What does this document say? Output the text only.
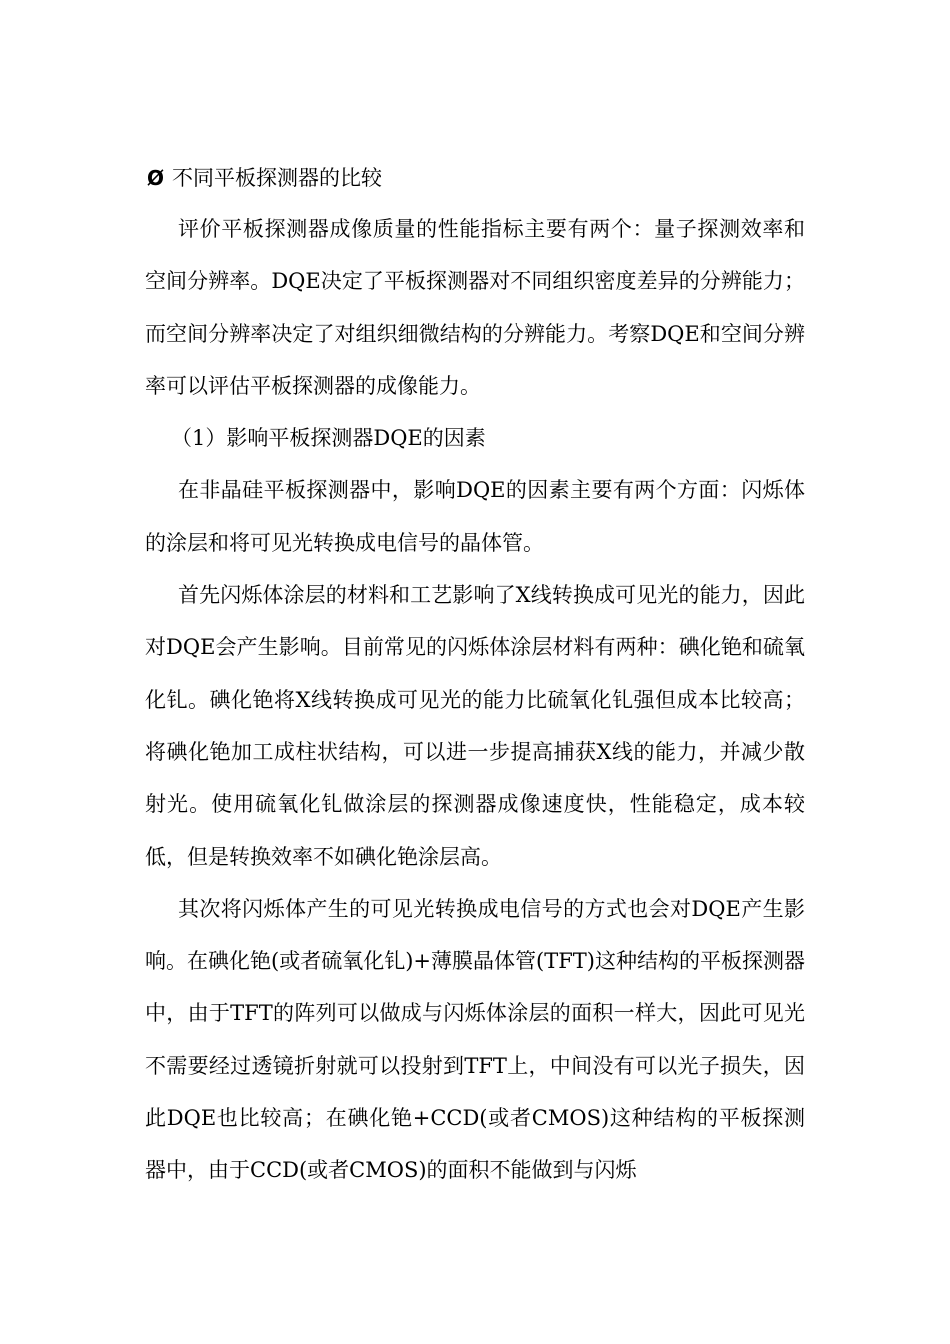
Ø 不同平板探测器的比较

评价平板探测器成像质量的性能指标主要有两个：量子探测效率和空间分辨率。DQE决定了平板探测器对不同组织密度差异的分辨能力；而空间分辨率决定了对组织细微结构的分辨能力。考察DQE和空间分辨率可以评估平板探测器的成像能力。

（1）影响平板探测器DQE的因素

在非晶硅平板探测器中，影响DQE的因素主要有两个方面：闪烁体的涂层和将可见光转换成电信号的晶体管。

首先闪烁体涂层的材料和工艺影响了X线转换成可见光的能力，因此对DQE会产生影响。目前常见的闪烁体涂层材料有两种：碘化铯和硫氧化钆。碘化铯将X线转换成可见光的能力比硫氧化钆强但成本比较高；将碘化铯加工成柱状结构，可以进一步提高捕获X线的能力，并减少散射光。使用硫氧化钆做涂层的探测器成像速度快，性能稳定，成本较低，但是转换效率不如碘化铯涂层高。

其次将闪烁体产生的可见光转换成电信号的方式也会对DQE产生影响。在碘化铯(或者硫氧化钆)+薄膜晶体管(TFT)这种结构的平板探测器中，由于TFT的阵列可以做成与闪烁体涂层的面积一样大，因此可见光不需要经过透镜折射就可以投射到TFT上，中间没有可以光子损失，因此DQE也比较高；在碘化铯+CCD(或者CMOS)这种结构的平板探测器中，由于CCD(或者CMOS)的面积不能做到与闪烁
